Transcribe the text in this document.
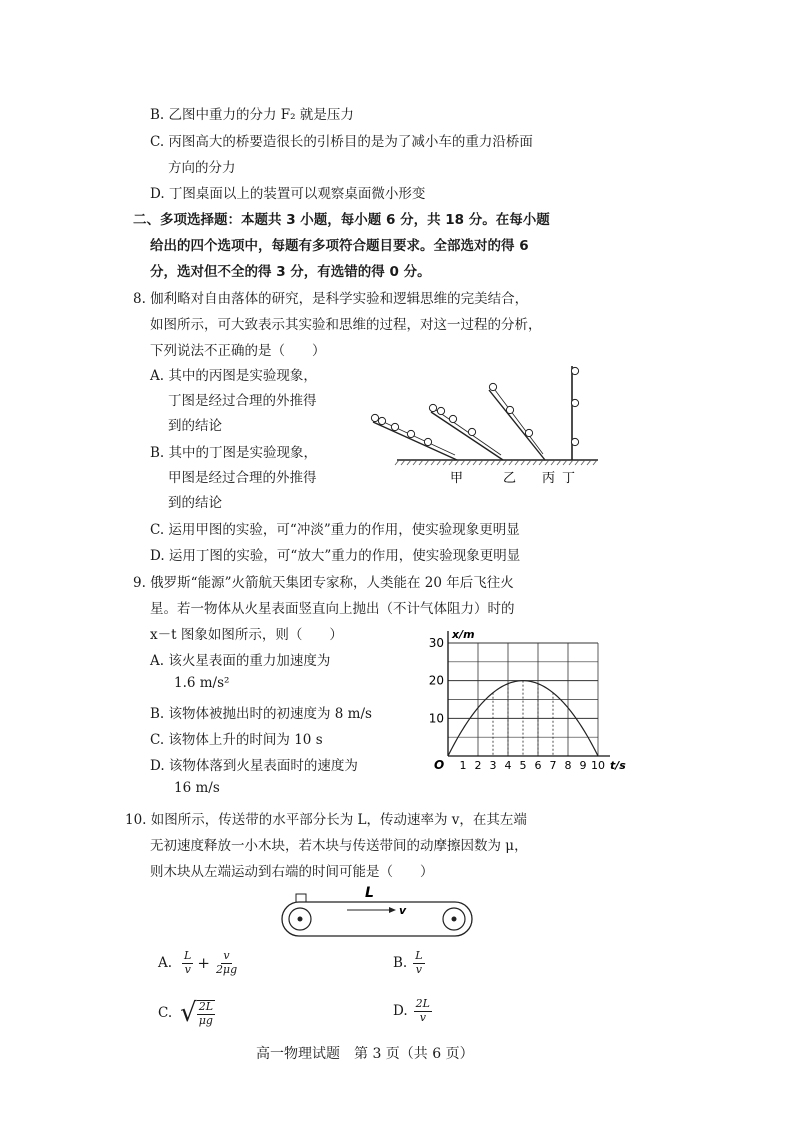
B. 乙图中重力的分力 F₂ 就是压力
C. 丙图高大的桥要造很长的引桥目的是为了减小车的重力沿桥面
方向的分力
D. 丁图桌面以上的装置可以观察桌面微小形变
二、多项选择题：本题共 3 小题，每小题 6 分，共 18 分。在每小题
给出的四个选项中，每题有多项符合题目要求。全部选对的得 6
分，选对但不全的得 3 分，有选错的得 0 分。
8. 伽利略对自由落体的研究，是科学实验和逻辑思维的完美结合，
如图所示，可大致表示其实验和思维的过程，对这一过程的分析，
下列说法不正确的是（　　）
A. 其中的丙图是实验现象，
丁图是经过合理的外推得
到的结论
B. 其中的丁图是实验现象，
甲图是经过合理的外推得
到的结论
C. 运用甲图的实验，可“冲淡”重力的作用，使实验现象更明显
D. 运用丁图的实验，可“放大”重力的作用，使实验现象更明显
甲	乙 丙 丁
9. 俄罗斯“能源”火箭航天集团专家称，人类能在 20 年后飞往火
星。若一物体从火星表面竖直向上抛出（不计气体阻力）时的
x－t 图象如图所示，则（　　）
A. 该火星表面的重力加速度为
1.6 m/s²
B. 该物体被抛出时的初速度为 8 m/s
C. 该物体上升的时间为 10 s
D. 该物体落到火星表面时的速度为
16 m/s
1 2 3 4 5 6 7 8 9 10
10
20
30
O	t/s
x/m
10. 如图所示，传送带的水平部分长为 L，传动速率为 v，在其左端
无初速度释放一小木块，若木块与传送带间的动摩擦因数为 μ，
则木块从左端运动到右端的时间可能是（　　）
L
v
A. $\frac{L}{v} + \frac{v}{2\mu g}$	B. $\frac{L}{v}$
C. √ $\frac{2L}{\mu g}$	D. $\frac{2L}{v}$
高一物理试题　第 3 页（共 6 页）
